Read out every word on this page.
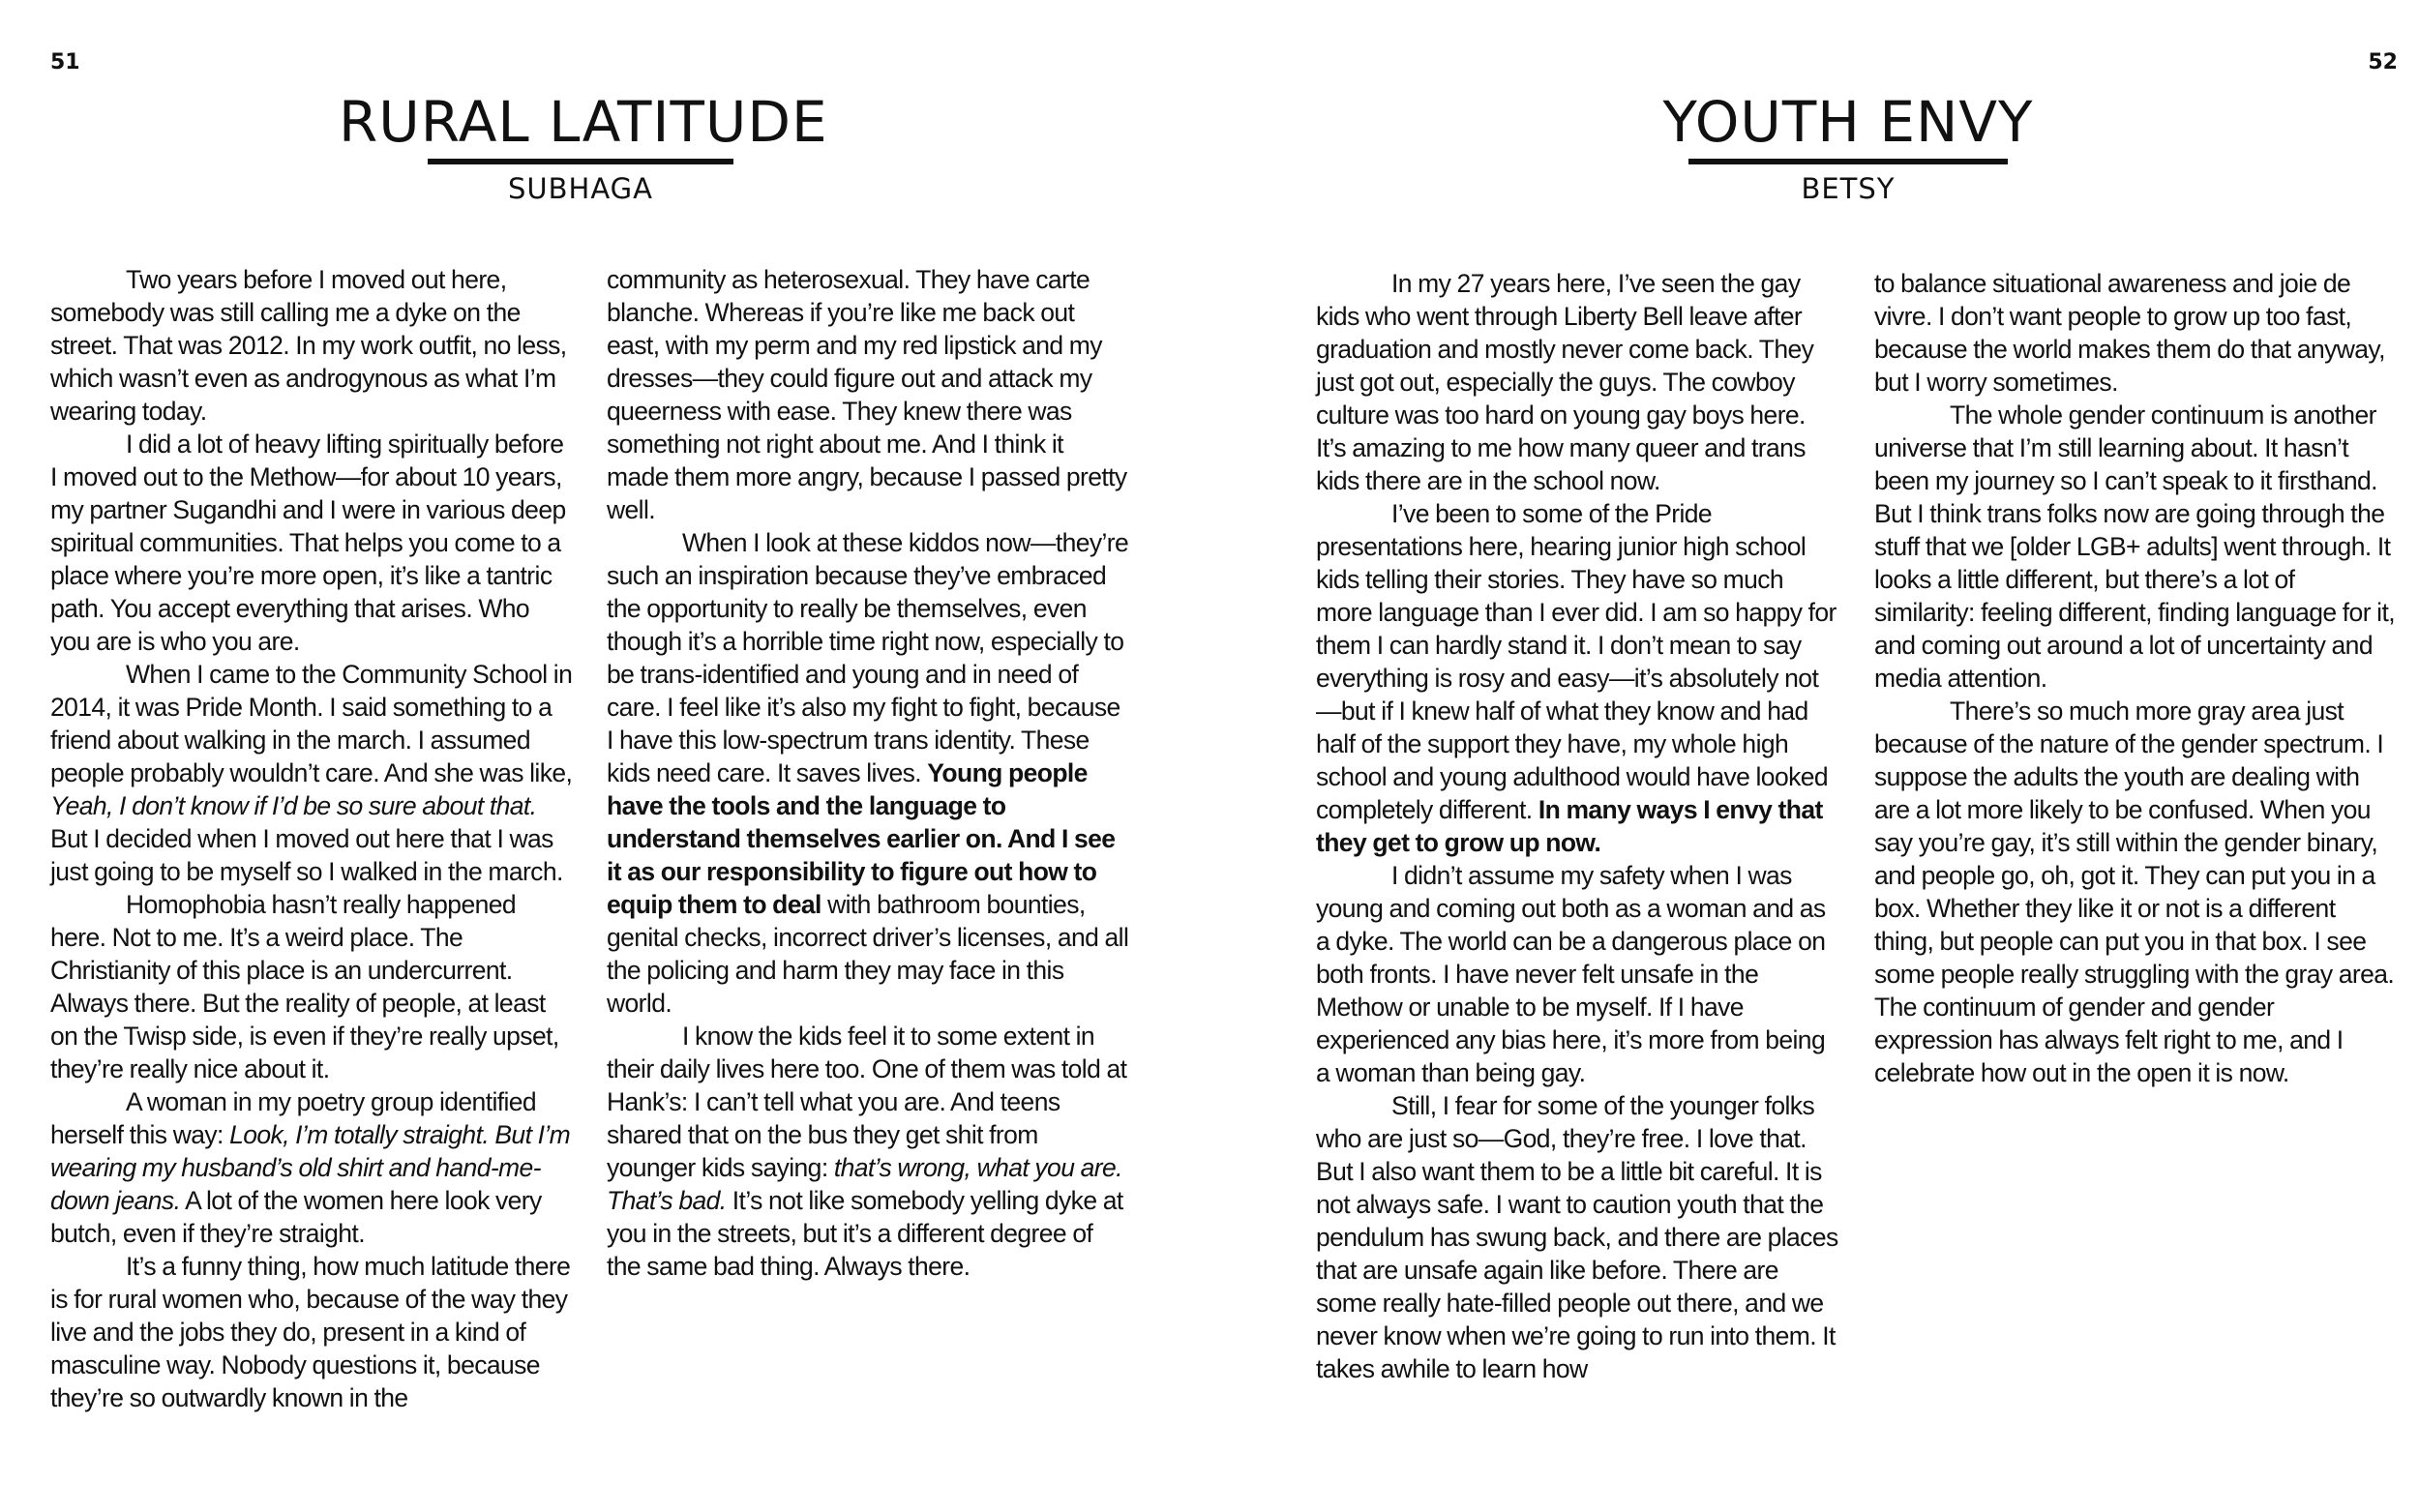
51	52
RURAL LATITUDE
SUBHAGA
YOUTH ENVY
BETSY

Two years before I moved out here, somebody was still calling me a dyke on the street. That was 2012. In my work outfit, no less, which wasn’t even as androgynous as what I’m wearing today.

I did a lot of heavy lifting spiritually before I moved out to the Methow—for about 10 years, my partner Sugandhi and I were in various deep spiritual communities. That helps you come to a place where you’re more open, it’s like a tantric path. You accept everything that arises. Who you are is who you are.

When I came to the Community School in 2014, it was Pride Month. I said something to a friend about walking in the march. I assumed people probably wouldn’t care. And she was like, Yeah, I don’t know if I’d be so sure about that. But I decided when I moved out here that I was just going to be myself so I walked in the march.

Homophobia hasn’t really happened here. Not to me. It’s a weird place. The Christianity of this place is an undercurrent. Always there. But the reality of people, at least on the Twisp side, is even if they’re really upset, they’re really nice about it.

A woman in my poetry group identified herself this way: Look, I’m totally straight. But I’m wearing my husband’s old shirt and hand-me-down jeans. A lot of the women here look very butch, even if they’re straight.

It’s a funny thing, how much latitude there is for rural women who, because of the way they live and the jobs they do, present in a kind of masculine way. Nobody questions it, because they’re so outwardly known in the

community as heterosexual. They have carte blanche. Whereas if you’re like me back out east, with my perm and my red lipstick and my dresses—they could figure out and attack my queerness with ease. They knew there was something not right about me. And I think it made them more angry, because I passed pretty well.

When I look at these kiddos now—they’re such an inspiration because they’ve embraced the opportunity to really be themselves, even though it’s a horrible time right now, especially to be trans-identified and young and in need of care. I feel like it’s also my fight to fight, because I have this low-spectrum trans identity. These kids need care. It saves lives. Young people have the tools and the language to understand themselves earlier on. And I see it as our responsibility to figure out how to equip them to deal with bathroom bounties, genital checks, incorrect driver’s licenses, and all the policing and harm they may face in this world.

I know the kids feel it to some extent in their daily lives here too. One of them was told at Hank’s: I can’t tell what you are. And teens shared that on the bus they get shit from younger kids saying: that’s wrong, what you are. That’s bad. It’s not like somebody yelling dyke at you in the streets, but it’s a different degree of the same bad thing. Always there.

In my 27 years here, I’ve seen the gay kids who went through Liberty Bell leave after graduation and mostly never come back. They just got out, especially the guys. The cowboy culture was too hard on young gay boys here. It’s amazing to me how many queer and trans kids there are in the school now.

I’ve been to some of the Pride presentations here, hearing junior high school kids telling their stories. They have so much more language than I ever did. I am so happy for them I can hardly stand it. I don’t mean to say everything is rosy and easy—it’s absolutely not—but if I knew half of what they know and had half of the support they have, my whole high school and young adulthood would have looked completely different. In many ways I envy that they get to grow up now.

I didn’t assume my safety when I was young and coming out both as a woman and as a dyke. The world can be a dangerous place on both fronts. I have never felt unsafe in the Methow or unable to be myself. If I have experienced any bias here, it’s more from being a woman than being gay.

Still, I fear for some of the younger folks who are just so—God, they’re free. I love that. But I also want them to be a little bit careful. It is not always safe. I want to caution youth that the pendulum has swung back, and there are places that are unsafe again like before. There are some really hate-filled people out there, and we never know when we’re going to run into them. It takes awhile to learn how

to balance situational awareness and joie de vivre. I don’t want people to grow up too fast, because the world makes them do that anyway, but I worry sometimes.

The whole gender continuum is another universe that I’m still learning about. It hasn’t been my journey so I can’t speak to it firsthand. But I think trans folks now are going through the stuff that we [older LGB+ adults] went through. It looks a little different, but there’s a lot of similarity: feeling different, finding language for it, and coming out around a lot of uncertainty and media attention.

There’s so much more gray area just because of the nature of the gender spectrum. I suppose the adults the youth are dealing with are a lot more likely to be confused. When you say you’re gay, it’s still within the gender binary, and people go, oh, got it. They can put you in a box. Whether they like it or not is a different thing, but people can put you in that box. I see some people really struggling with the gray area. The continuum of gender and gender expression has always felt right to me, and I celebrate how out in the open it is now.
